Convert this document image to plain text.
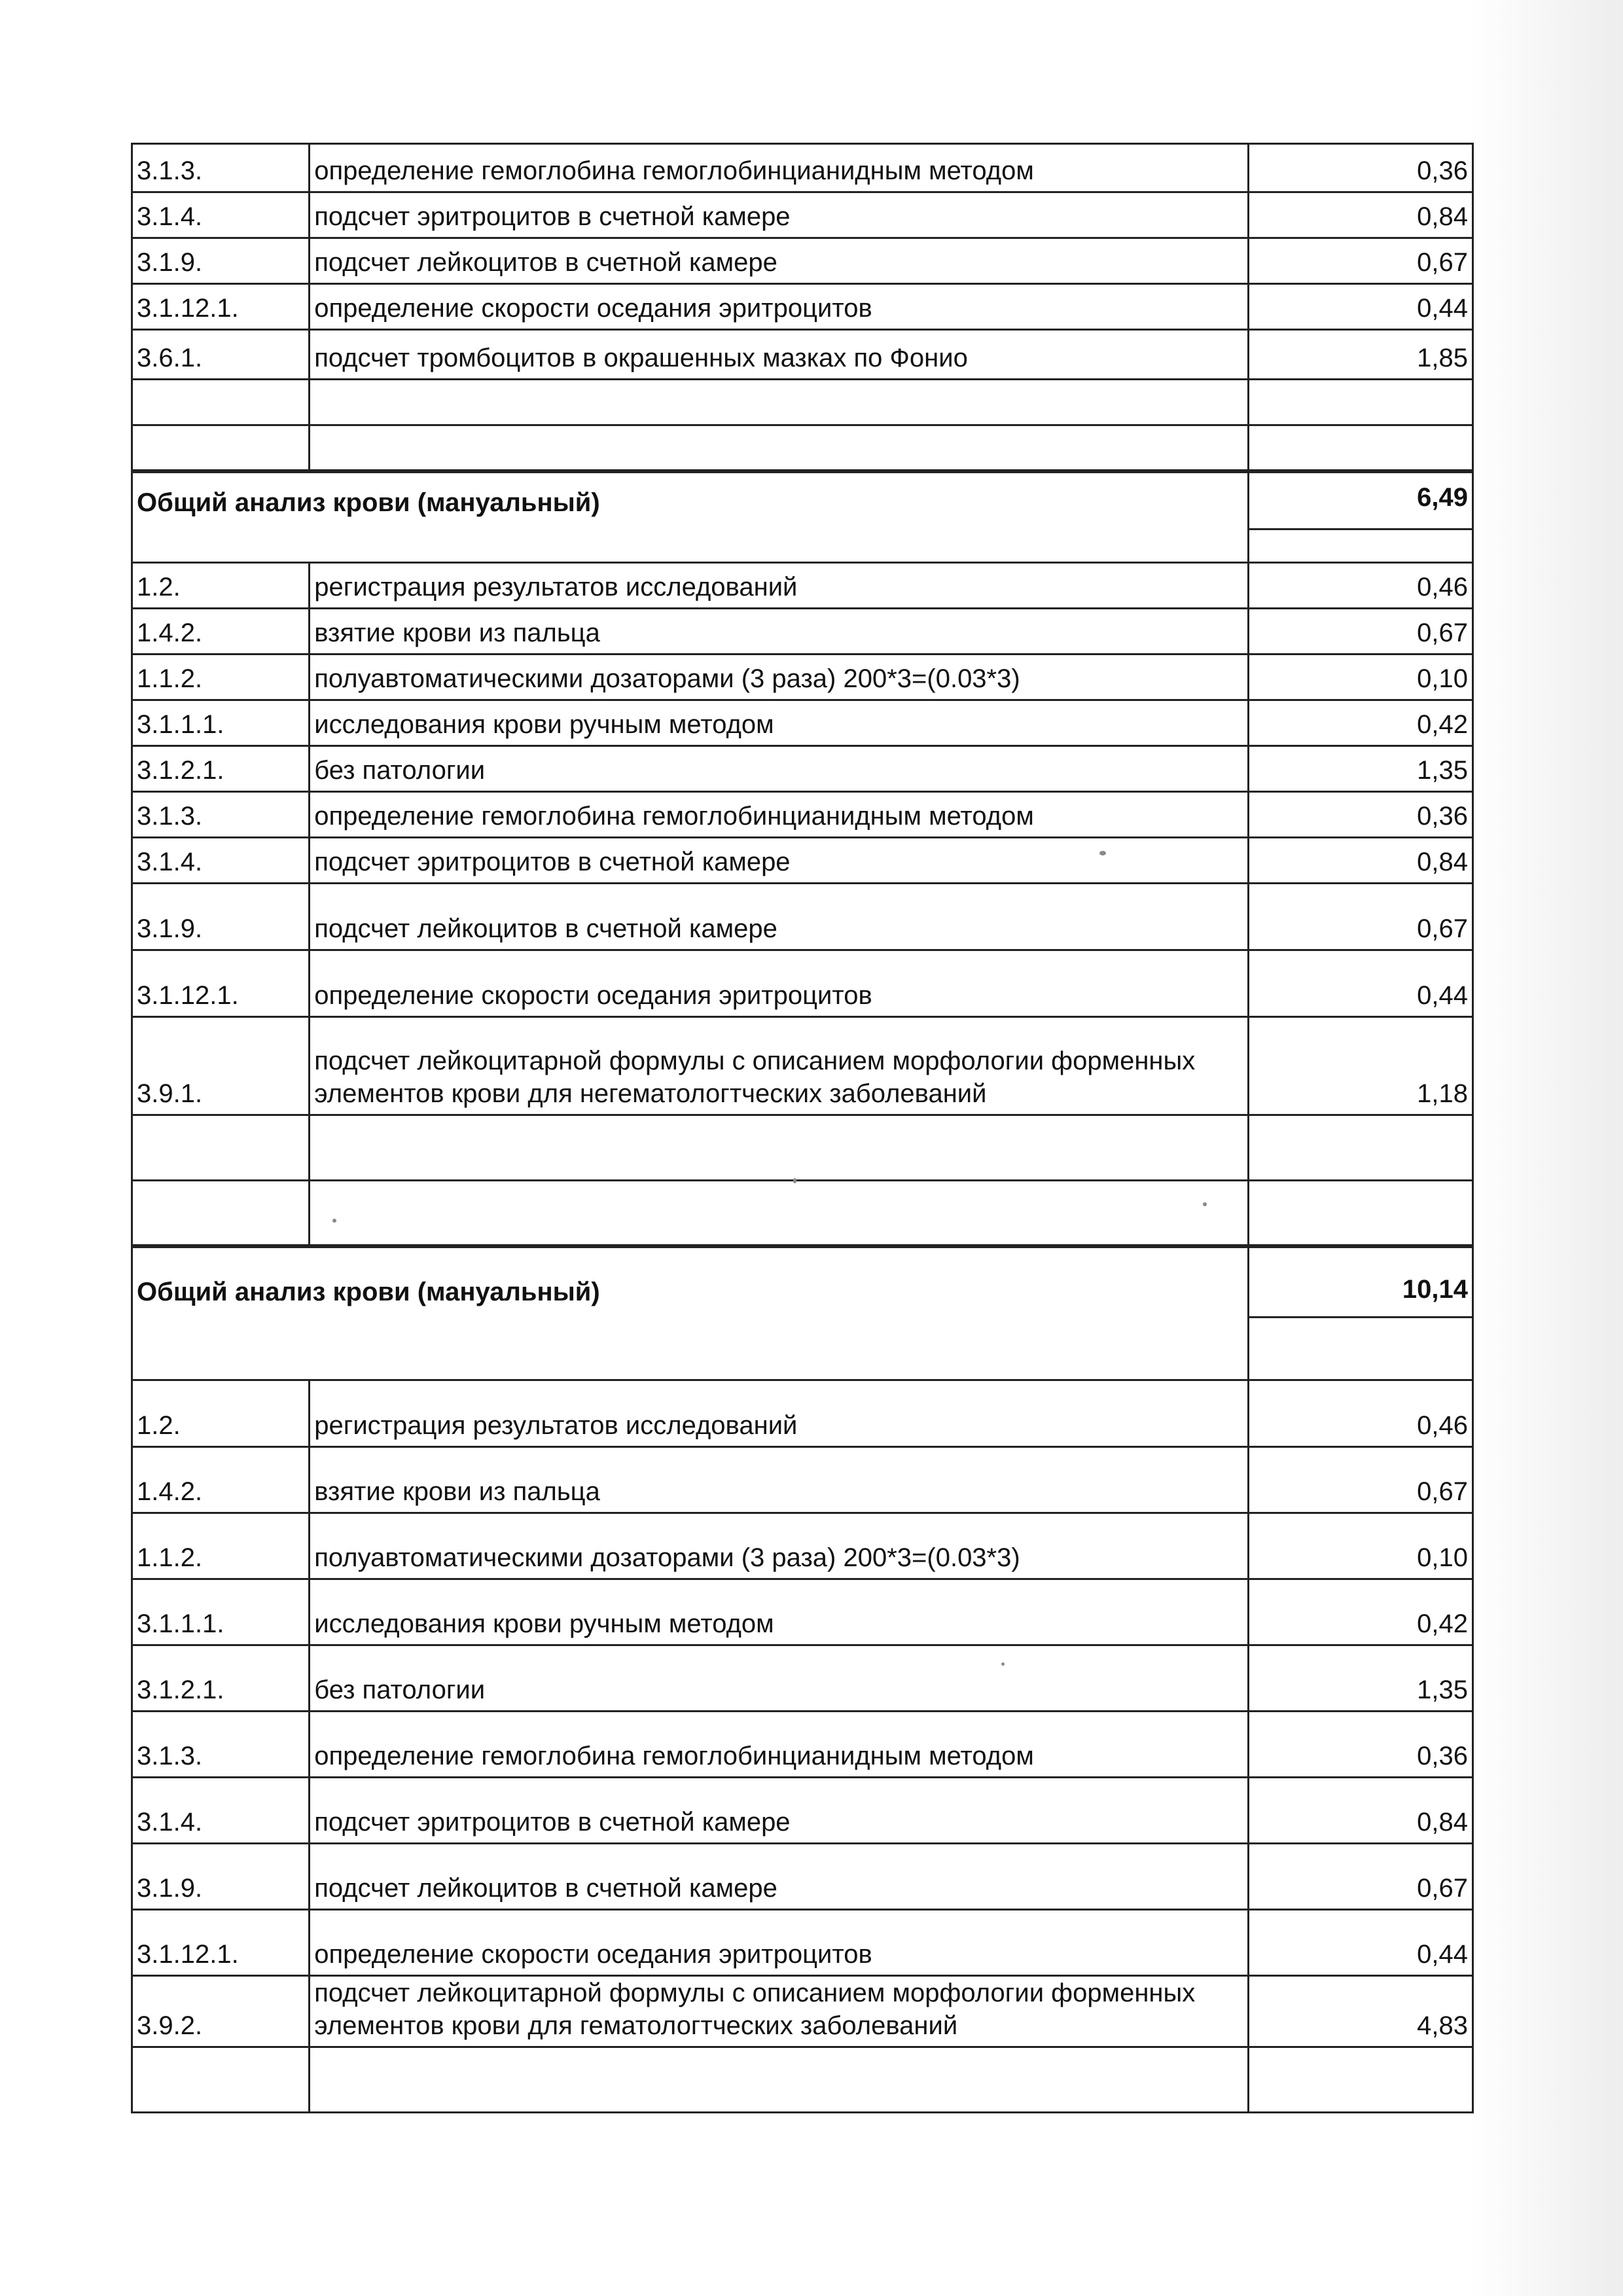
3.1.3.	определение гемоглобина гемоглобинцианидным методом	0,36
3.1.4.	подсчет эритроцитов в счетной камере	0,84
3.1.9.	подсчет лейкоцитов в счетной камере	0,67
3.1.12.1.	определение скорости оседания эритроцитов	0,44
3.6.1.	подсчет тромбоцитов в окрашенных мазках по Фонио	1,85

Общий анализ крови (мануальный)		6,49

1.2.	регистрация результатов исследований	0,46
1.4.2.	взятие крови из пальца	0,67
1.1.2.	полуавтоматическими дозаторами (3 раза) 200*3=(0.03*3)	0,10
3.1.1.1.	исследования крови ручным методом	0,42
3.1.2.1.	без патологии	1,35
3.1.3.	определение гемоглобина гемоглобинцианидным методом	0,36
3.1.4.	подсчет эритроцитов в счетной камере	0,84
3.1.9.	подсчет лейкоцитов в счетной камере	0,67
3.1.12.1.	определение скорости оседания эритроцитов	0,44
3.9.1.	подсчет лейкоцитарной формулы с описанием морфологии форменных
элементов крови для негематологтческих заболеваний	1,18

Общий анализ крови (мануальный)		10,14

1.2.	регистрация результатов исследований	0,46
1.4.2.	взятие крови из пальца	0,67
1.1.2.	полуавтоматическими дозаторами (3 раза) 200*3=(0.03*3)	0,10
3.1.1.1.	исследования крови ручным методом	0,42
3.1.2.1.	без патологии	1,35
3.1.3.	определение гемоглобина гемоглобинцианидным методом	0,36
3.1.4.	подсчет эритроцитов в счетной камере	0,84
3.1.9.	подсчет лейкоцитов в счетной камере	0,67
3.1.12.1.	определение скорости оседания эритроцитов	0,44
3.9.2.	подсчет лейкоцитарной формулы с описанием морфологии форменных
элементов крови для гематологтческих заболеваний	4,83
